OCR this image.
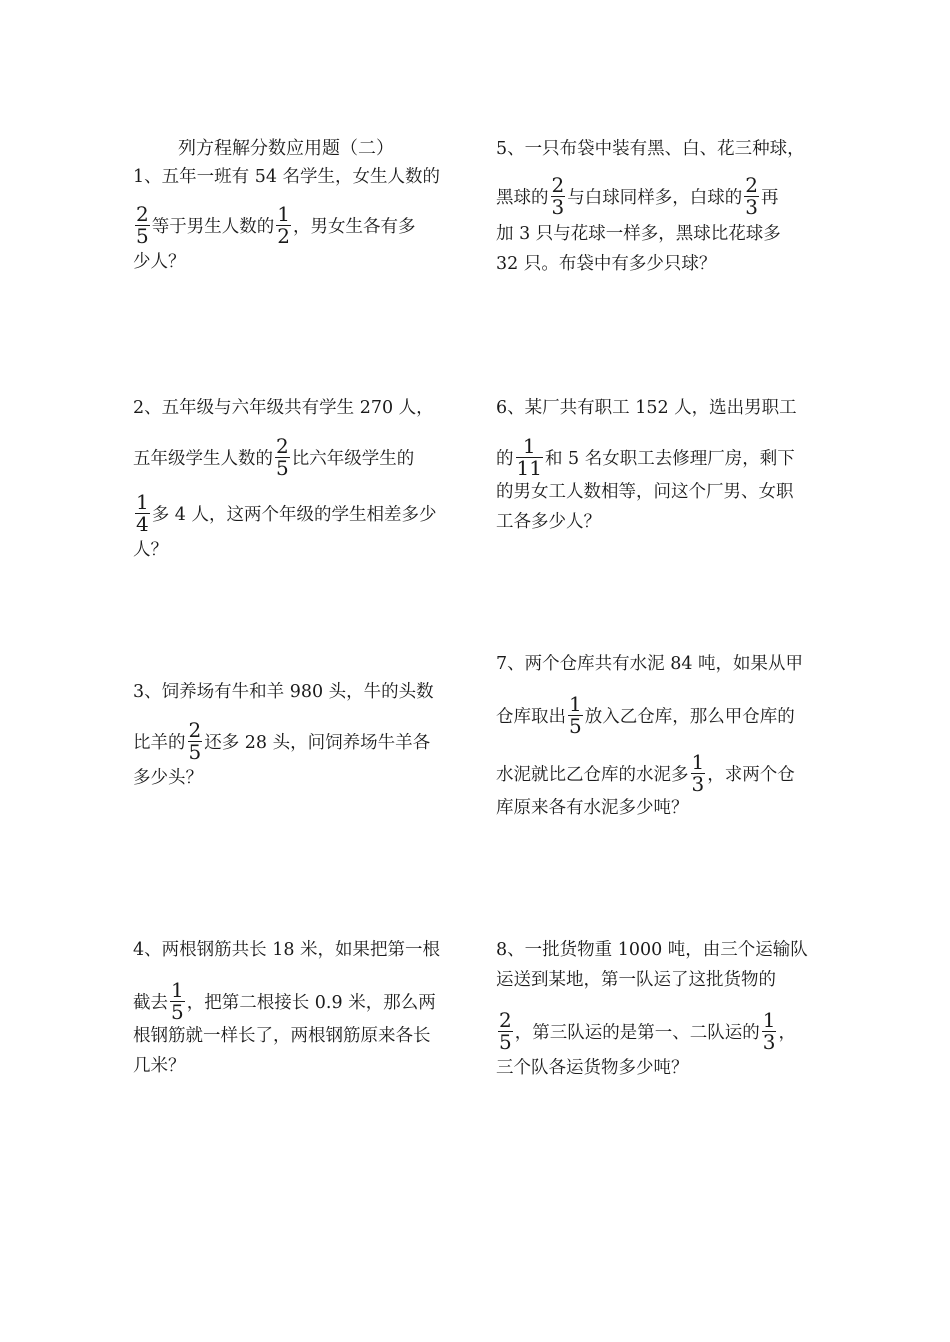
列方程解分数应用题（二）
1、五年一班有 54 名学生，女生人数的
$\frac{2}{5}$ 等于男生人数的 $\frac{1}{2}$ ，男女生各有多
少人？
2、五年级与六年级共有学生 270 人，
五年级学生人数的 $\frac{2}{5}$ 比六年级学生的
$\frac{1}{4}$ 多 4 人，这两个年级的学生相差多少
人？
3、饲养场有牛和羊 980 头，牛的头数
比羊的 $\frac{2}{5}$ 还多 28 头，问饲养场牛羊各
多少头？
4、两根钢筋共长 18 米，如果把第一根
截去 $\frac{1}{5}$ ，把第二根接长 0.9 米，那么两
根钢筋就一样长了，两根钢筋原来各长
几米？
5、一只布袋中装有黑、白、花三种球，
黑球的 $\frac{2}{3}$ 与白球同样多，白球的 $\frac{2}{3}$ 再
加 3 只与花球一样多，黑球比花球多
32 只。布袋中有多少只球？
6、某厂共有职工 152 人，选出男职工
的 $\frac{1}{11}$ 和 5 名女职工去修理厂房，剩下
的男女工人数相等，问这个厂男、女职
工各多少人？
7、两个仓库共有水泥 84 吨，如果从甲
仓库取出 $\frac{1}{5}$ 放入乙仓库，那么甲仓库的
水泥就比乙仓库的水泥多 $\frac{1}{3}$ ，求两个仓
库原来各有水泥多少吨？
8、一批货物重 1000 吨，由三个运输队
运送到某地，第一队运了这批货物的
$\frac{2}{5}$ ，第三队运的是第一、二队运的 $\frac{1}{3}$ ，
三个队各运货物多少吨？
